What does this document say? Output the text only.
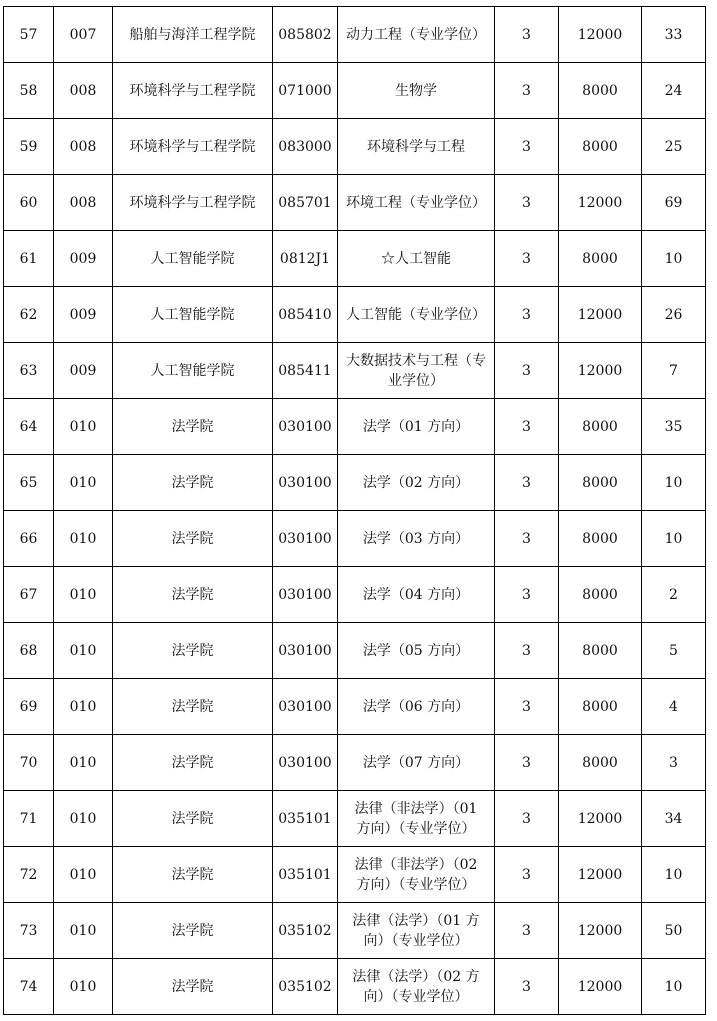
57	007	船舶与海洋工程学院	085802	动力工程（专业学位）	3	12000	33
58	008	环境科学与工程学院	071000	生物学	3	8000	24
59	008	环境科学与工程学院	083000	环境科学与工程	3	8000	25
60	008	环境科学与工程学院	085701	环境工程（专业学位）	3	12000	69
61	009	人工智能学院	0812J1	☆人工智能	3	8000	10
62	009	人工智能学院	085410	人工智能（专业学位）	3	12000	26
63	009	人工智能学院	085411	大数据技术与工程（专业学位）	3	12000	7
64	010	法学院	030100	法学（01 方向）	3	8000	35
65	010	法学院	030100	法学（02 方向）	3	8000	10
66	010	法学院	030100	法学（03 方向）	3	8000	10
67	010	法学院	030100	法学（04 方向）	3	8000	2
68	010	法学院	030100	法学（05 方向）	3	8000	5
69	010	法学院	030100	法学（06 方向）	3	8000	4
70	010	法学院	030100	法学（07 方向）	3	8000	3
71	010	法学院	035101	法律（非法学）（01 方向）（专业学位）	3	12000	34
72	010	法学院	035101	法律（非法学）（02 方向）（专业学位）	3	12000	10
73	010	法学院	035102	法律（法学）（01 方向）（专业学位）	3	12000	50
74	010	法学院	035102	法律（法学）（02 方向）（专业学位）	3	12000	10
